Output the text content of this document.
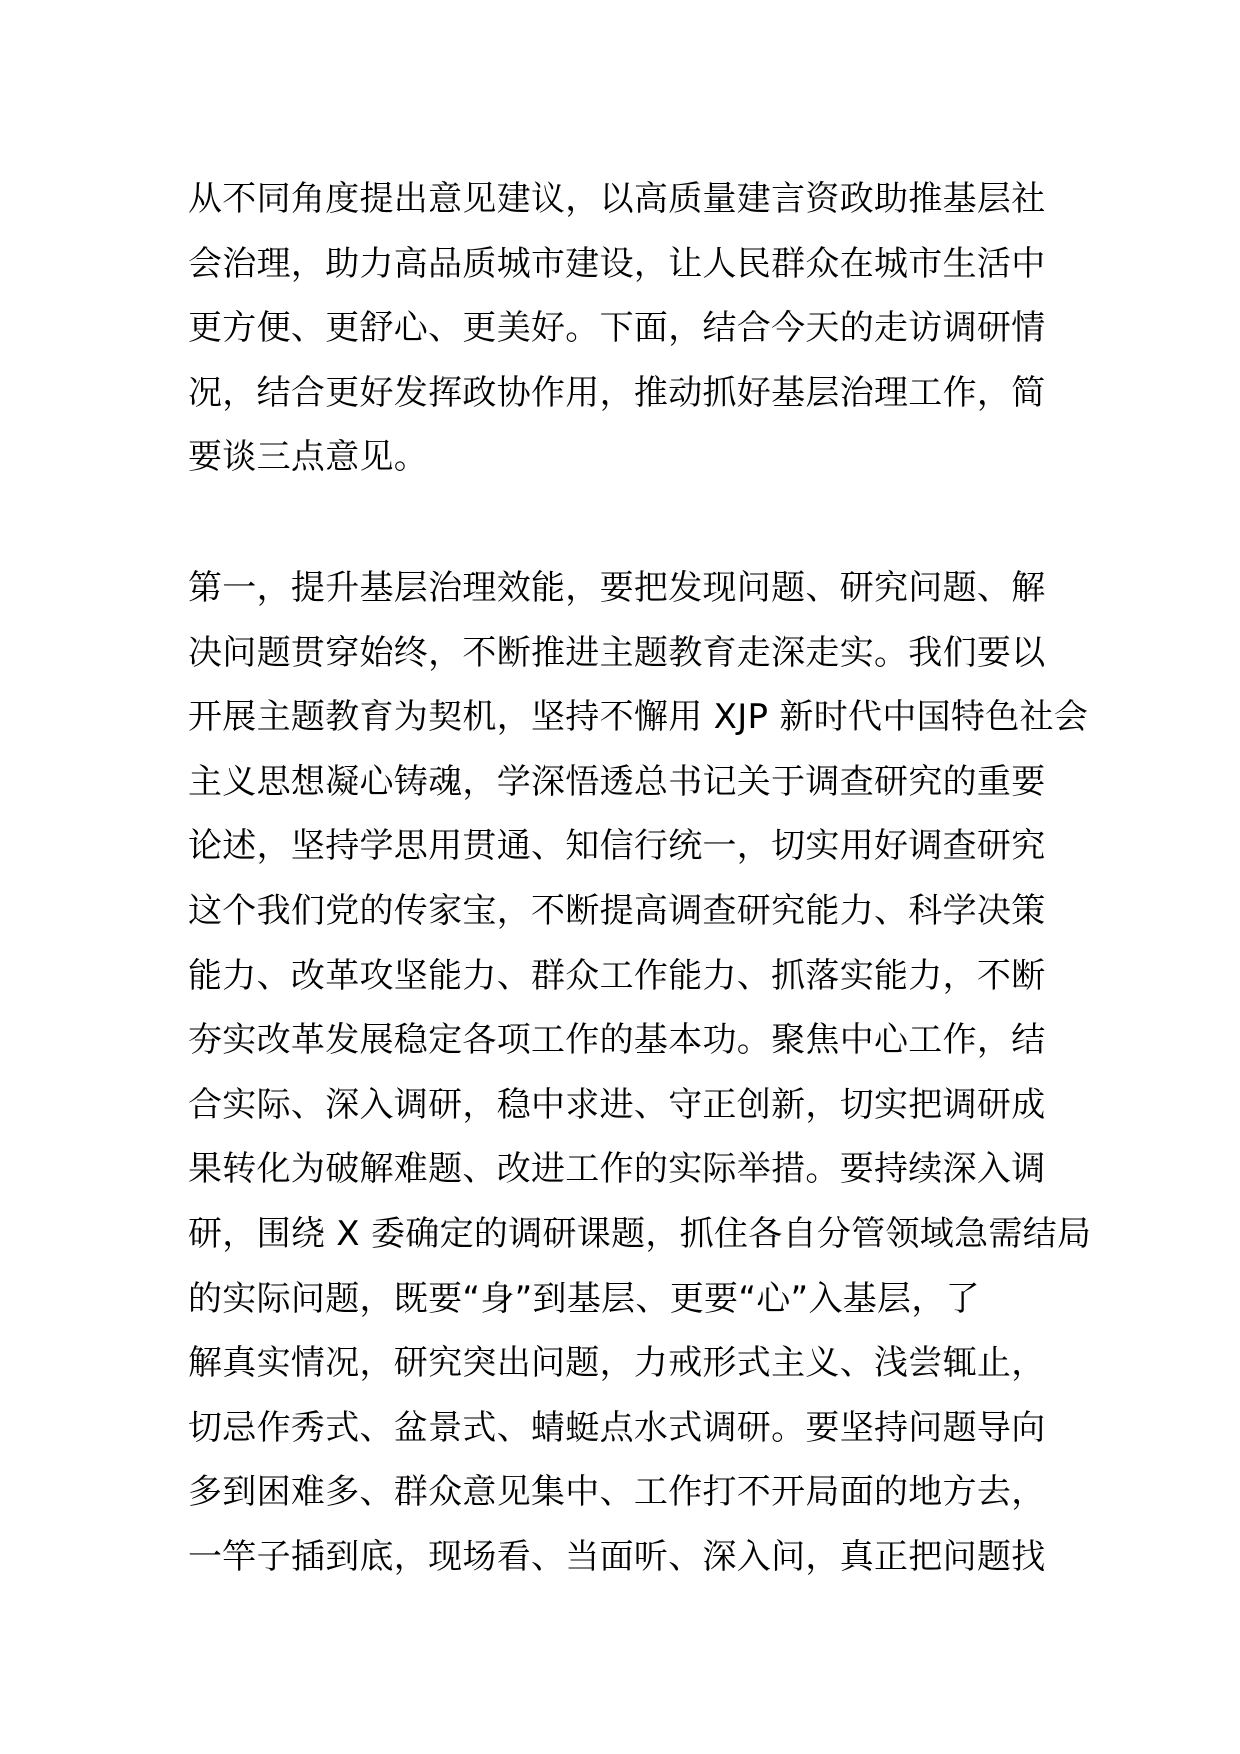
从不同角度提出意见建议，以高质量建言资政助推基层社
会治理，助力高品质城市建设，让人民群众在城市生活中
更方便、更舒心、更美好。下面，结合今天的走访调研情
况，结合更好发挥政协作用，推动抓好基层治理工作，简
要谈三点意见。
第一，提升基层治理效能，要把发现问题、研究问题、解
决问题贯穿始终，不断推进主题教育走深走实。我们要以
开展主题教育为契机，坚持不懈用 XJP 新时代中国特色社会
主义思想凝心铸魂，学深悟透总书记关于调查研究的重要
论述，坚持学思用贯通、知信行统一，切实用好调查研究
这个我们党的传家宝，不断提高调查研究能力、科学决策
能力、改革攻坚能力、群众工作能力、抓落实能力，不断
夯实改革发展稳定各项工作的基本功。聚焦中心工作，结
合实际、深入调研，稳中求进、守正创新，切实把调研成
果转化为破解难题、改进工作的实际举措。要持续深入调
研，围绕 X 委确定的调研课题，抓住各自分管领域急需结局
的实际问题，既要“身”到基层、更要“心”入基层，了
解真实情况，研究突出问题，力戒形式主义、浅尝辄止，
切忌作秀式、盆景式、蜻蜓点水式调研。要坚持问题导向
多到困难多、群众意见集中、工作打不开局面的地方去，
一竿子插到底，现场看、当面听、深入问，真正把问题找
